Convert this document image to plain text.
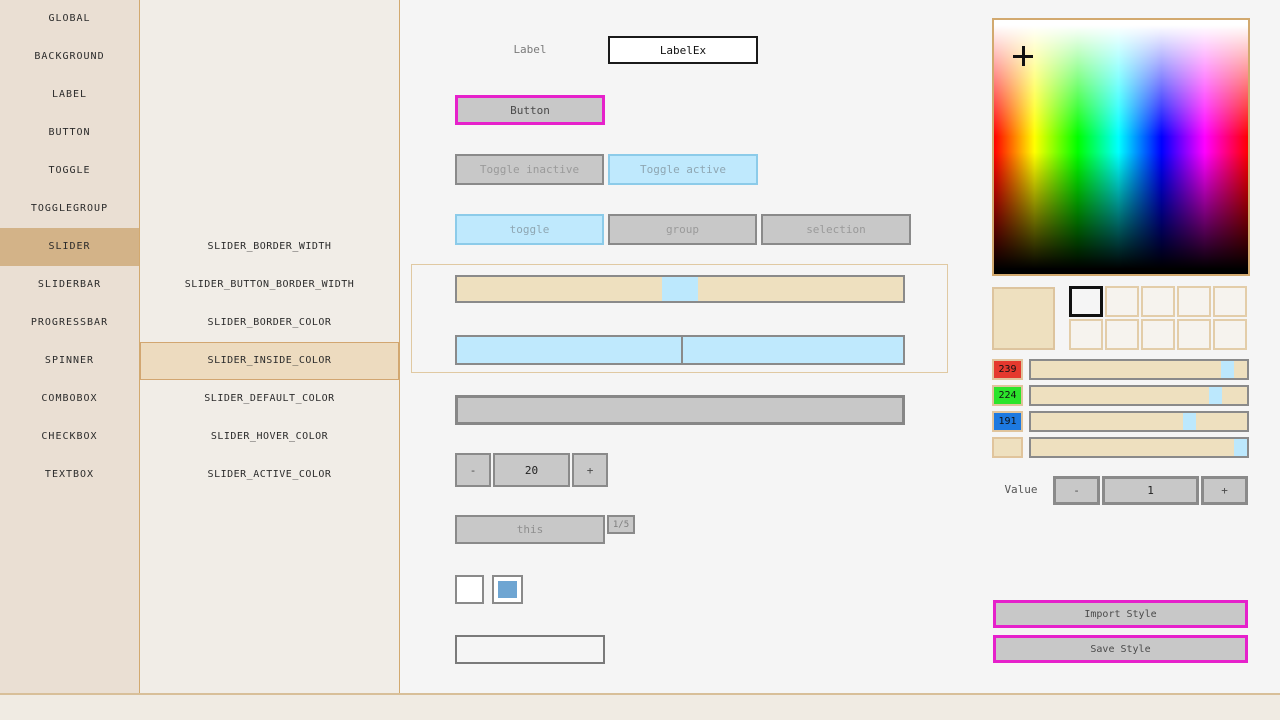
GLOBAL
BACKGROUND
LABEL
BUTTON
TOGGLE
TOGGLEGROUP
SLIDER
SLIDERBAR
PROGRESSBAR
SPINNER
COMBOBOX
CHECKBOX
TEXTBOX
SLIDER_BORDER_WIDTH
SLIDER_BUTTON_BORDER_WIDTH
SLIDER_BORDER_COLOR
SLIDER_INSIDE_COLOR
SLIDER_DEFAULT_COLOR
SLIDER_HOVER_COLOR
SLIDER_ACTIVE_COLOR
Label	LabelEx
Button
Toggle inactive	Toggle active
toggle	group	selection
-	20	+
this	1/5
239
224
191
Value	-	1	+
Import Style
Save Style
